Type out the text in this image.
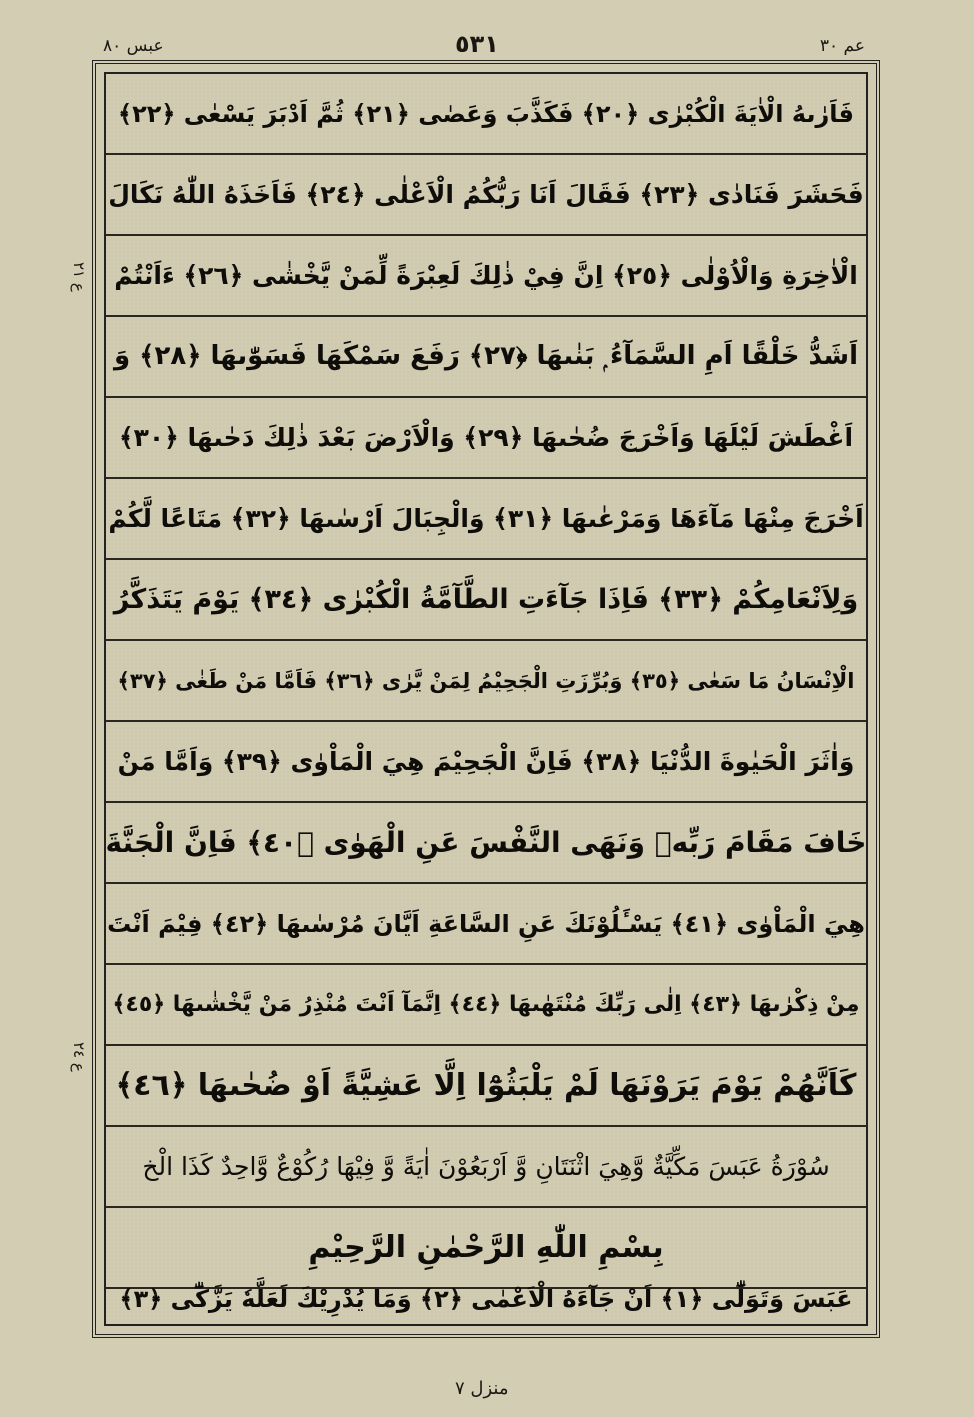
عبس ٨٠	٥٣١	عم ٣٠
ع ٢١
ع ٢٤
فَاَرٰىهُ الْاٰيَةَ الْكُبْرٰى ﴿٢٠﴾ فَكَذَّبَ وَعَصٰى ﴿٢١﴾ ثُمَّ اَدْبَرَ يَسْعٰى ﴿٢٢﴾
فَحَشَرَ فَنَادٰى ﴿٢٣﴾ فَقَالَ اَنَا رَبُّكُمُ الْاَعْلٰى ﴿٢٤﴾ فَاَخَذَهُ اللّٰهُ نَكَالَ
الْاٰخِرَةِ وَالْاُوْلٰى ﴿٢٥﴾ اِنَّ فِيْ ذٰلِكَ لَعِبْرَةً لِّمَنْ يَّخْشٰى ﴿٢٦﴾ ءَاَنْتُمْ
اَشَدُّ خَلْقًا اَمِ السَّمَآءُ ۭ بَنٰىهَا ﴿٢٧﴾ رَفَعَ سَمْكَهَا فَسَوّٰىهَا ﴿٢٨﴾ وَ
اَغْطَشَ لَيْلَهَا وَاَخْرَجَ ضُحٰىهَا ﴿٢٩﴾ وَالْاَرْضَ بَعْدَ ذٰلِكَ دَحٰىهَا ﴿٣٠﴾
اَخْرَجَ مِنْهَا مَآءَهَا وَمَرْعٰىهَا ﴿٣١﴾ وَالْجِبَالَ اَرْسٰىهَا ﴿٣٢﴾ مَتَاعًا لَّكُمْ
وَلِاَنْعَامِكُمْ ﴿٣٣﴾ فَاِذَا جَآءَتِ الطَّآمَّةُ الْكُبْرٰى ﴿٣٤﴾ يَوْمَ يَتَذَكَّرُ
الْاِنْسَانُ مَا سَعٰى ﴿٣٥﴾ وَبُرِّزَتِ الْجَحِيْمُ لِمَنْ يَّرٰى ﴿٣٦﴾ فَاَمَّا مَنْ طَغٰى ﴿٣٧﴾
وَاٰثَرَ الْحَيٰوةَ الدُّنْيَا ﴿٣٨﴾ فَاِنَّ الْجَحِيْمَ هِيَ الْمَاْوٰى ﴿٣٩﴾ وَاَمَّا مَنْ
خَافَ مَقَامَ رَبِّهٖ وَنَهَى النَّفْسَ عَنِ الْهَوٰى ﴿٤٠﴾ فَاِنَّ الْجَنَّةَ
هِيَ الْمَاْوٰى ﴿٤١﴾ يَسْـَٔلُوْنَكَ عَنِ السَّاعَةِ اَيَّانَ مُرْسٰىهَا ﴿٤٢﴾ فِيْمَ اَنْتَ
مِنْ ذِكْرٰىهَا ﴿٤٣﴾ اِلٰى رَبِّكَ مُنْتَهٰىهَا ﴿٤٤﴾ اِنَّمَآ اَنْتَ مُنْذِرُ مَنْ يَّخْشٰىهَا ﴿٤٥﴾
كَاَنَّهُمْ يَوْمَ يَرَوْنَهَا لَمْ يَلْبَثُوْٓا اِلَّا عَشِيَّةً اَوْ ضُحٰىهَا ﴿٤٦﴾
سُوْرَةُ عَبَسَ مَكِّيَّةٌ وَّهِيَ اثْنَتَانِ وَّ اَرْبَعُوْنَ اٰيَةً وَّ فِيْهَا رُكُوْعٌ وَّاحِدٌ كَذَا الْخ
بِسْمِ اللّٰهِ الرَّحْمٰنِ الرَّحِيْمِ
عَبَسَ وَتَوَلّٰٓى ﴿١﴾ اَنْ جَآءَهُ الْاَعْمٰى ﴿٢﴾ وَمَا يُدْرِيْكَ لَعَلَّهٗ يَزَّكّٰٓى ﴿٣﴾
منزل ٧
